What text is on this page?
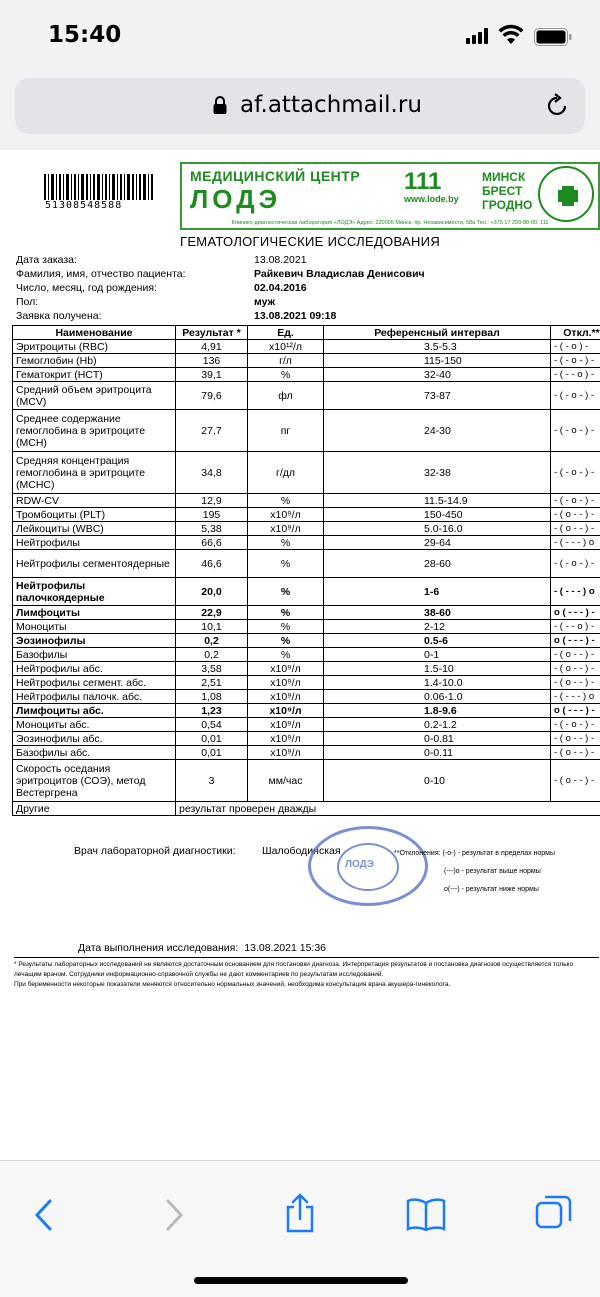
15:40
af.attachmail.ru
51308548588
МЕДИЦИНСКИЙ ЦЕНТР
ЛОДЭ
111
www.lode.by
МИНСК
БРЕСТ
ГРОДНО
Клинико-диагностическая лаборатория «ЛОДЭ» Адрес: 220005 Минск, пр. Независимости, 58а Тел.: +375 17 293-88-00, 111
ГЕМАТОЛОГИЧЕСКИЕ ИССЛЕДОВАНИЯ
Дата заказа:	13.08.2021
Фамилия, имя, отчество пациента:	Райкевич Владислав Денисович
Число, месяц, год рождения:	02.04.2016
Пол:	муж
Заявка получена:	13.08.2021 09:18
Наименование	Результат *	Ед.	Референсный интервал	Откл.**
Эритроциты (RBC)	4,91	x10¹²/л	3.5-5.3	- ( - о ) -
Гемоглобин (Hb)	136	г/л	115-150	- ( - о - ) -
Гематокрит (HCT)	39,1	%	32-40	- ( - - о ) -
Средний объем эритроцита (MCV)	79,6	фл	73-87	- ( - о - ) -
Среднее содержание гемоглобина в эритроците (MCH)	27,7	пг	24-30	- ( - о - ) -
Средняя концентрация гемоглобина в эритроците (MCHC)	34,8	г/дл	32-38	- ( - о - ) -
RDW-CV	12,9	%	11.5-14.9	- ( - о - ) -
Тромбоциты (PLT)	195	x10⁹/л	150-450	- ( о - - ) -
Лейкоциты (WBC)	5,38	x10⁹/л	5.0-16.0	- ( о - - ) -
Нейтрофилы	66,6	%	29-64	- ( - - - ) о
Нейтрофилы сегментоядерные	46,6	%	28-60	- ( - о - ) -
Нейтрофилы палочкоядерные	20,0	%	1-6	- ( - - - ) о
Лимфоциты	22,9	%	38-60	о ( - - - ) -
Моноциты	10,1	%	2-12	- ( - - о ) -
Эозинофилы	0,2	%	0.5-6	о ( - - - ) -
Базофилы	0,2	%	0-1	- ( о - - ) -
Нейтрофилы абс.	3,58	x10⁹/л	1.5-10	- ( о - - ) -
Нейтрофилы сегмент. абс.	2,51	x10⁹/л	1.4-10.0	- ( о - - ) -
Нейтрофилы палочк. абс.	1,08	x10⁹/л	0.06-1.0	- ( - - - ) о
Лимфоциты абс.	1,23	x10⁹/л	1.8-9.6	о ( - - - ) -
Моноциты абс.	0,54	x10⁹/л	0.2-1.2	- ( - о - ) -
Эозинофилы абс.	0,01	x10⁹/л	0-0.81	- ( о - - ) -
Базофилы абс.	0,01	x10⁹/л	0-0.11	- ( о - - ) -
Скорость оседания эритроцитов (СОЭ), метод Вестергрена	3	мм/час	0-10	- ( о - - ) -
Другие	результат проверен дважды			
Врач лабораторной диагностики:	Шалободинская
ЛОДЭ
**Отклонения: (-о-) - результат в пределах нормы
(---)о - результат выше нормы
о(---) - результат ниже нормы
Дата выполнения исследования: 13.08.2021 15:36
* Результаты лабораторных исследований не являются достаточным основанием для постановки диагноза. Интерпретация результатов и постановка диагнозов осуществляется только лечащим врачом. Сотрудники информационно-справочной службы не дают комментариев по результатам исследований.
При беременности некоторые показатели меняются относительно нормальных значений, необходима консультация врача акушера-гинеколога.
